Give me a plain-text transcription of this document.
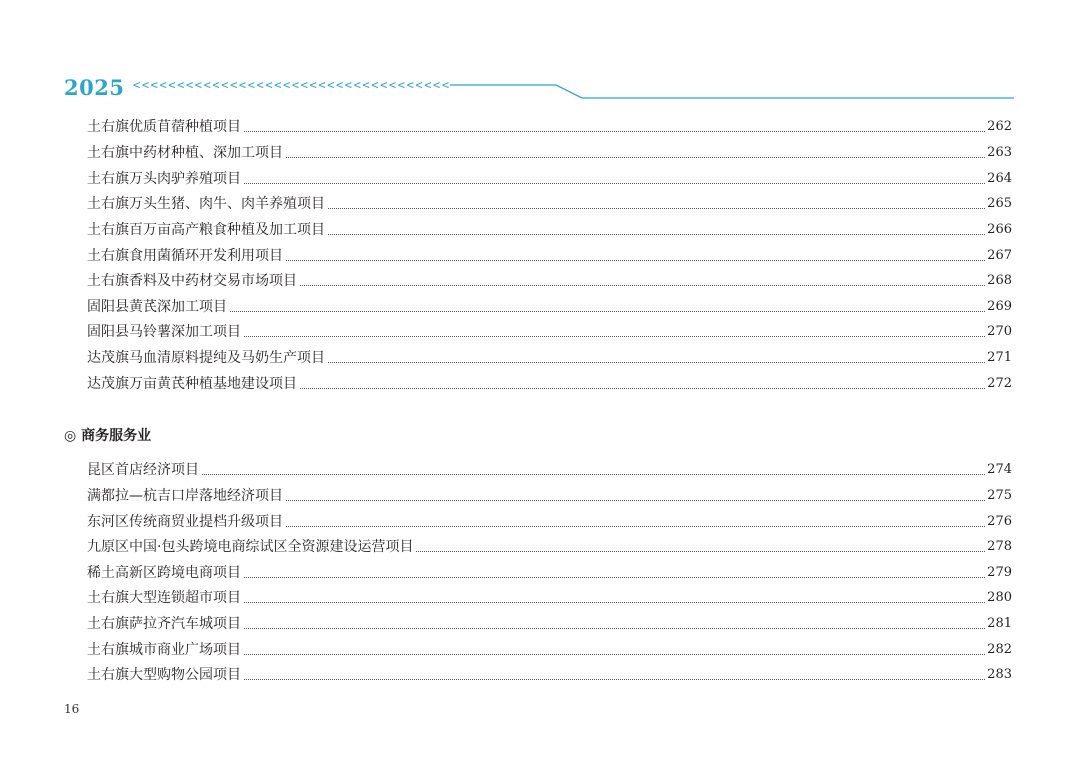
2025 <<<<<<<<<<<<<<<<<<<<<<<<<<<<<<<<<<<<
土右旗优质苜蓿种植项目	262
土右旗中药材种植、深加工项目	263
土右旗万头肉驴养殖项目	264
土右旗万头生猪、肉牛、肉羊养殖项目	265
土右旗百万亩高产粮食种植及加工项目	266
土右旗食用菌循环开发利用项目	267
土右旗香料及中药材交易市场项目	268
固阳县黄芪深加工项目	269
固阳县马铃薯深加工项目	270
达茂旗马血清原料提纯及马奶生产项目	271
达茂旗万亩黄芪种植基地建设项目	272
◎ 商务服务业
昆区首店经济项目	274
满都拉—杭吉口岸落地经济项目	275
东河区传统商贸业提档升级项目	276
九原区中国·包头跨境电商综试区全资源建设运营项目	278
稀土高新区跨境电商项目	279
土右旗大型连锁超市项目	280
土右旗萨拉齐汽车城项目	281
土右旗城市商业广场项目	282
土右旗大型购物公园项目	283
16
